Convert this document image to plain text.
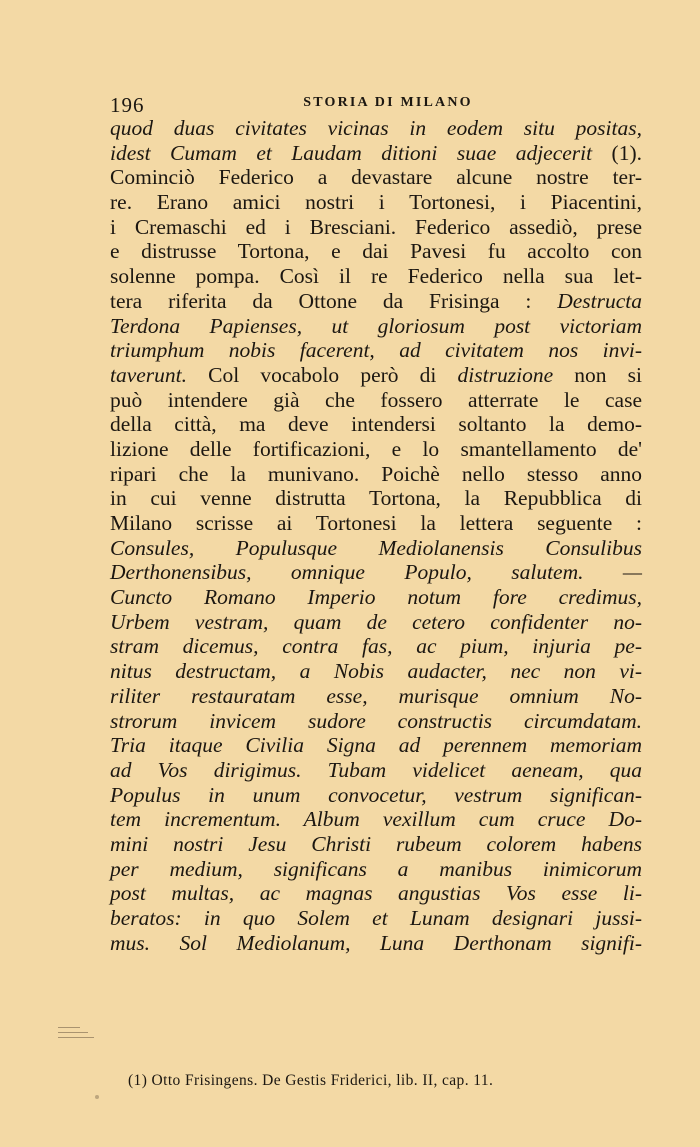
196	STORIA DI MILANO
quod duas civitates vicinas in eodem situ positas,
idest Cumam et Laudam ditioni suae adjecerit (1).
Cominciò Federico a devastare alcune nostre ter-
re. Erano amici nostri i Tortonesi, i Piacentini,
i Cremaschi ed i Bresciani. Federico assediò, prese
e distrusse Tortona, e dai Pavesi fu accolto con
solenne pompa. Così il re Federico nella sua let-
tera riferita da Ottone da Frisinga : Destructa
Terdona Papienses, ut gloriosum post victoriam
triumphum nobis facerent, ad civitatem nos invi-
taverunt. Col vocabolo però di distruzione non si
può intendere già che fossero atterrate le case
della città, ma deve intendersi soltanto la demo-
lizione delle fortificazioni, e lo smantellamento de'
ripari che la munivano. Poichè nello stesso anno
in cui venne distrutta Tortona, la Repubblica di
Milano scrisse ai Tortonesi la lettera seguente :
Consules, Populusque Mediolanensis Consulibus
Derthonensibus, omnique Populo, salutem. —
Cuncto Romano Imperio notum fore credimus,
Urbem vestram, quam de cetero confidenter no-
stram dicemus, contra fas, ac pium, injuria pe-
nitus destructam, a Nobis audacter, nec non vi-
riliter restauratam esse, murisque omnium No-
strorum invicem sudore constructis circumdatam.
Tria itaque Civilia Signa ad perennem memoriam
ad Vos dirigimus. Tubam videlicet aeneam, qua
Populus in unum convocetur, vestrum significan-
tem incrementum. Album vexillum cum cruce Do-
mini nostri Jesu Christi rubeum colorem habens
per medium, significans a manibus inimicorum
post multas, ac magnas angustias Vos esse li-
beratos: in quo Solem et Lunam designari jussi-
mus. Sol Mediolanum, Luna Derthonam signifi-
(1) Otto Frisingens. De Gestis Friderici, lib. II, cap. 11.
